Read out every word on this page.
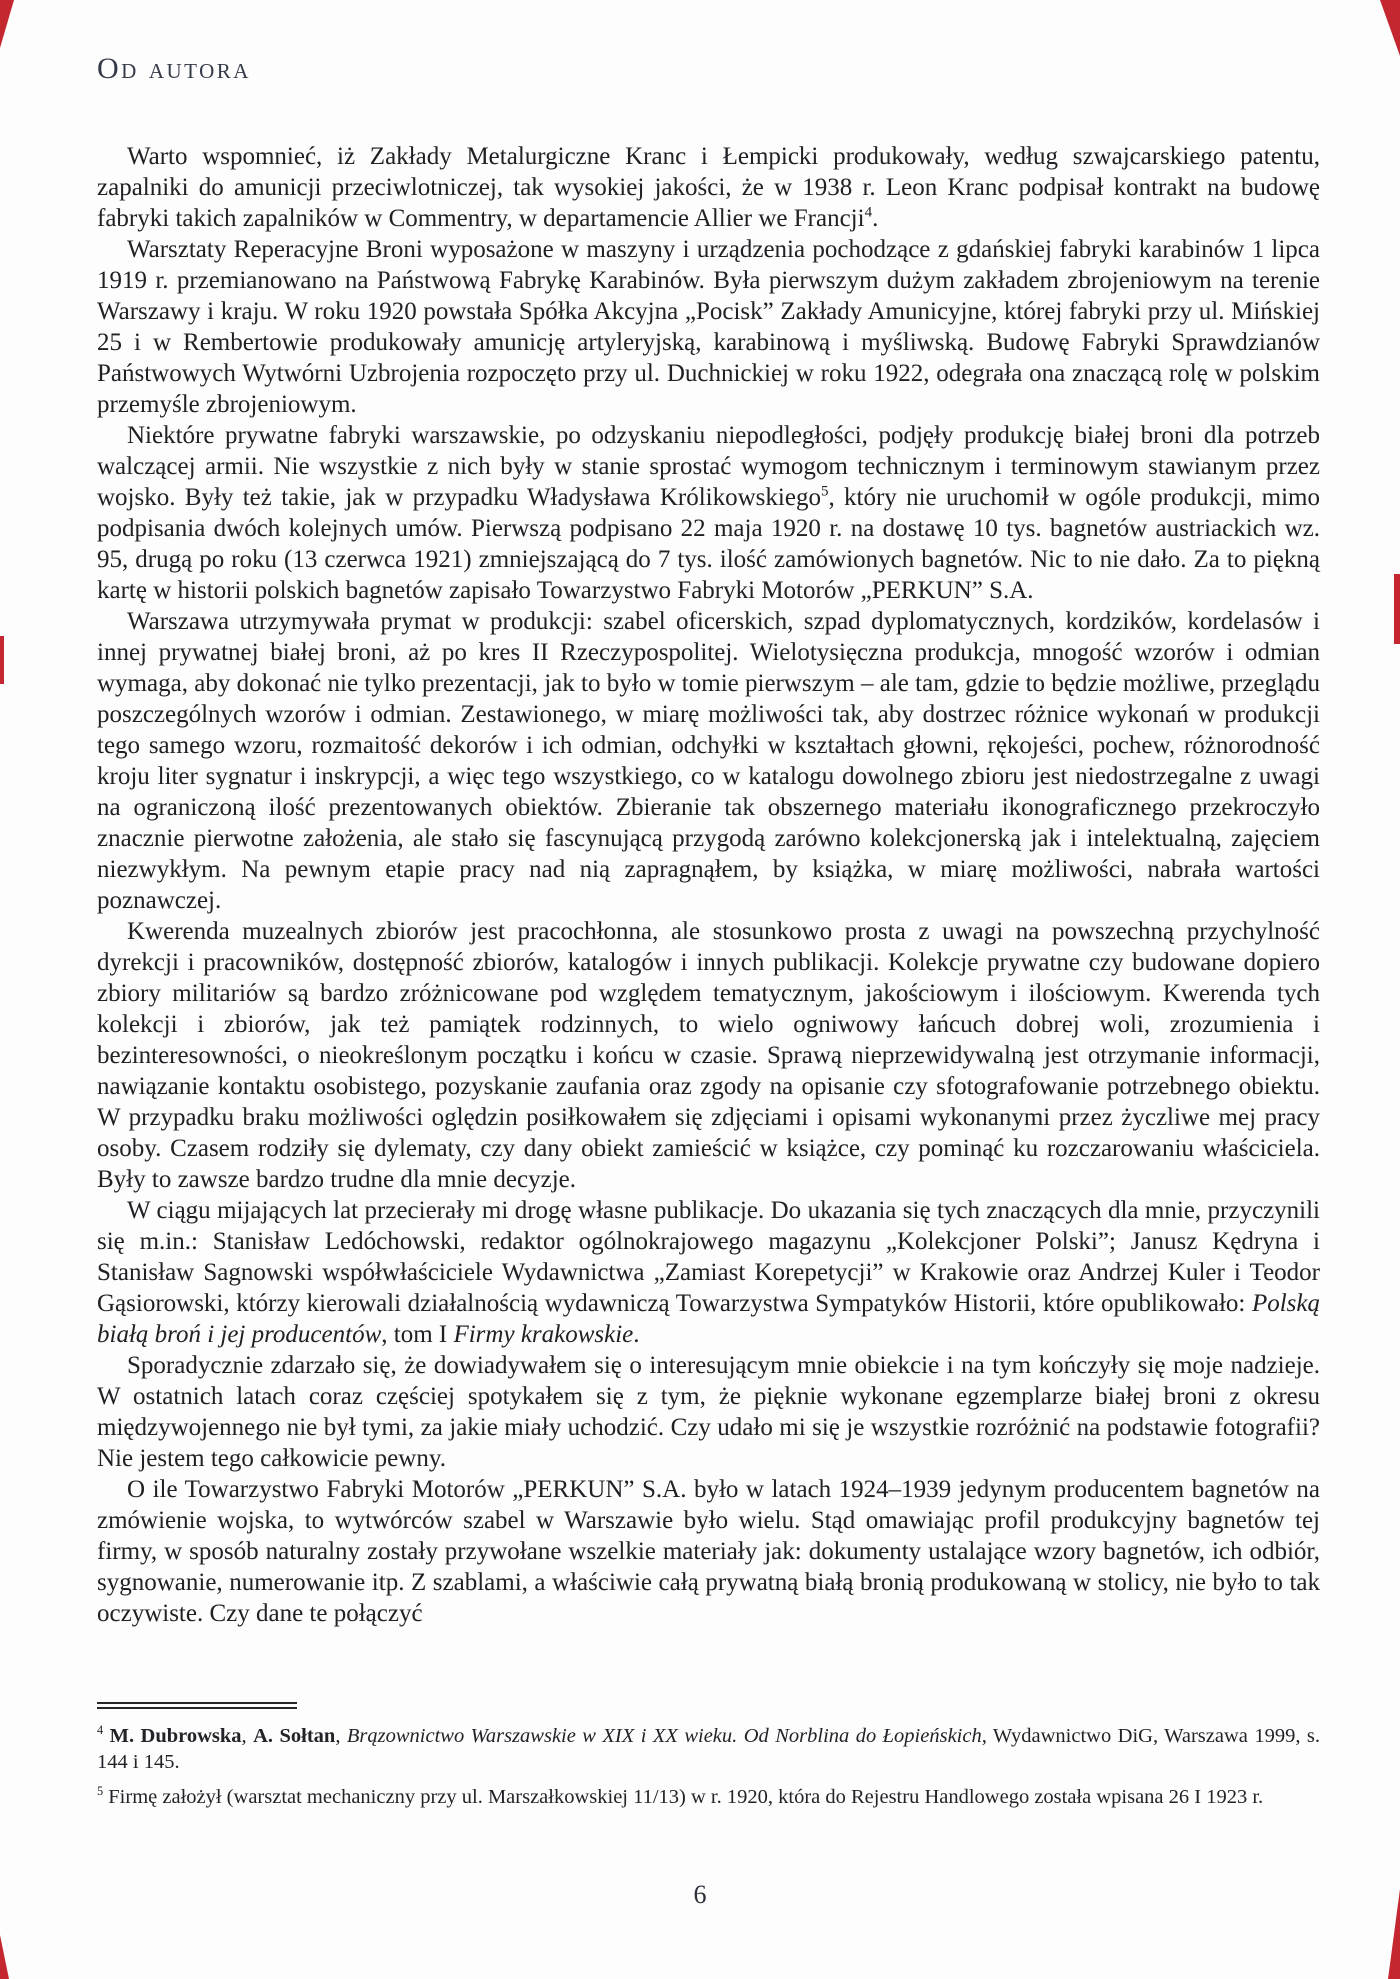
Od autora

Warto wspomnieć, iż Zakłady Metalurgiczne Kranc i Łempicki produkowały, według szwajcarskiego patentu, zapalniki do amunicji przeciwlotniczej, tak wysokiej jakości, że w 1938 r. Leon Kranc podpisał kontrakt na budowę fabryki takich zapalników w Commentry, w departamencie Allier we Francji$^4$.

Warsztaty Reperacyjne Broni wyposażone w maszyny i urządzenia pochodzące z gdańskiej fabryki karabinów 1 lipca 1919 r. przemianowano na Państwową Fabrykę Karabinów. Była pierwszym dużym zakładem zbrojeniowym na terenie Warszawy i kraju. W roku 1920 powstała Spółka Akcyjna „Pocisk” Zakłady Amunicyjne, której fabryki przy ul. Mińskiej 25 i w Rembertowie produkowały amunicję artyleryjską, karabinową i myśliwską. Budowę Fabryki Sprawdzianów Państwowych Wytwórni Uzbrojenia rozpoczęto przy ul. Duchnickiej w roku 1922, odegrała ona znaczącą rolę w polskim przemyśle zbrojeniowym.

Niektóre prywatne fabryki warszawskie, po odzyskaniu niepodległości, podjęły produkcję białej broni dla potrzeb walczącej armii. Nie wszystkie z nich były w stanie sprostać wymogom technicznym i terminowym stawianym przez wojsko. Były też takie, jak w przypadku Władysława Królikowskiego$^5$, który nie uruchomił w ogóle produkcji, mimo podpisania dwóch kolejnych umów. Pierwszą podpisano 22 maja 1920 r. na dostawę 10 tys. bagnetów austriackich wz. 95, drugą po roku (13 czerwca 1921) zmniejszającą do 7 tys. ilość zamówionych bagnetów. Nic to nie dało. Za to piękną kartę w historii polskich bagnetów zapisało Towarzystwo Fabryki Motorów „PERKUN” S.A.

Warszawa utrzymywała prymat w produkcji: szabel oficerskich, szpad dyplomatycznych, kordzików, kordelasów i innej prywatnej białej broni, aż po kres II Rzeczypospolitej. Wielotysięczna produkcja, mnogość wzorów i odmian wymaga, aby dokonać nie tylko prezentacji, jak to było w tomie pierwszym – ale tam, gdzie to będzie możliwe, przeglądu poszczególnych wzorów i odmian. Zestawionego, w miarę możliwości tak, aby dostrzec różnice wykonań w produkcji tego samego wzoru, rozmaitość dekorów i ich odmian, odchyłki w kształtach głowni, rękojeści, pochew, różnorodność kroju liter sygnatur i inskrypcji, a więc tego wszystkiego, co w katalogu dowolnego zbioru jest niedostrzegalne z uwagi na ograniczoną ilość prezentowanych obiektów. Zbieranie tak obszernego materiału ikonograficznego przekroczyło znacznie pierwotne założenia, ale stało się fascynującą przygodą zarówno kolekcjonerską jak i intelektualną, zajęciem niezwykłym. Na pewnym etapie pracy nad nią zapragnąłem, by książka, w miarę możliwości, nabrała wartości poznawczej.

Kwerenda muzealnych zbiorów jest pracochłonna, ale stosunkowo prosta z uwagi na powszechną przychylność dyrekcji i pracowników, dostępność zbiorów, katalogów i innych publikacji. Kolekcje prywatne czy budowane dopiero zbiory militariów są bardzo zróżnicowane pod względem tematycznym, jakościowym i ilościowym. Kwerenda tych kolekcji i zbiorów, jak też pamiątek rodzinnych, to wielo ogniwowy łańcuch dobrej woli, zrozumienia i bezinteresowności, o nieokreślonym początku i końcu w czasie. Sprawą nieprzewidywalną jest otrzymanie informacji, nawiązanie kontaktu osobistego, pozyskanie zaufania oraz zgody na opisanie czy sfotografowanie potrzebnego obiektu. W przypadku braku możliwości oględzin posiłkowałem się zdjęciami i opisami wykonanymi przez życzliwe mej pracy osoby. Czasem rodziły się dylematy, czy dany obiekt zamieścić w książce, czy pominąć ku rozczarowaniu właściciela. Były to zawsze bardzo trudne dla mnie decyzje.

W ciągu mijających lat przecierały mi drogę własne publikacje. Do ukazania się tych znaczących dla mnie, przyczynili się m.in.: Stanisław Ledóchowski, redaktor ogólnokrajowego magazynu „Kolekcjoner Polski”; Janusz Kędryna i Stanisław Sagnowski współwłaściciele Wydawnictwa „Zamiast Korepetycji” w Krakowie oraz Andrzej Kuler i Teodor Gąsiorowski, którzy kierowali działalnością wydawniczą Towarzystwa Sympatyków Historii, które opublikowało: Polską białą broń i jej producentów, tom I Firmy krakowskie.

Sporadycznie zdarzało się, że dowiadywałem się o interesującym mnie obiekcie i na tym kończyły się moje nadzieje. W ostatnich latach coraz częściej spotykałem się z tym, że pięknie wykonane egzemplarze białej broni z okresu międzywojennego nie był tymi, za jakie miały uchodzić. Czy udało mi się je wszystkie rozróżnić na podstawie fotografii? Nie jestem tego całkowicie pewny.

O ile Towarzystwo Fabryki Motorów „PERKUN” S.A. było w latach 1924–1939 jedynym producentem bagnetów na zmówienie wojska, to wytwórców szabel w Warszawie było wielu. Stąd omawiając profil produkcyjny bagnetów tej firmy, w sposób naturalny zostały przywołane wszelkie materiały jak: dokumenty ustalające wzory bagnetów, ich odbiór, sygnowanie, numerowanie itp. Z szablami, a właściwie całą prywatną białą bronią produkowaną w stolicy, nie było to tak oczywiste. Czy dane te połączyć

$^4$ M. Dubrowska, A. Sołtan, Brązownictwo Warszawskie w XIX i XX wieku. Od Norblina do Łopieńskich, Wydawnictwo DiG, Warszawa 1999, s. 144 i 145.

$^5$ Firmę założył (warsztat mechaniczny przy ul. Marszałkowskiej 11/13) w r. 1920, która do Rejestru Handlowego została wpisana 26 I 1923 r.

6
